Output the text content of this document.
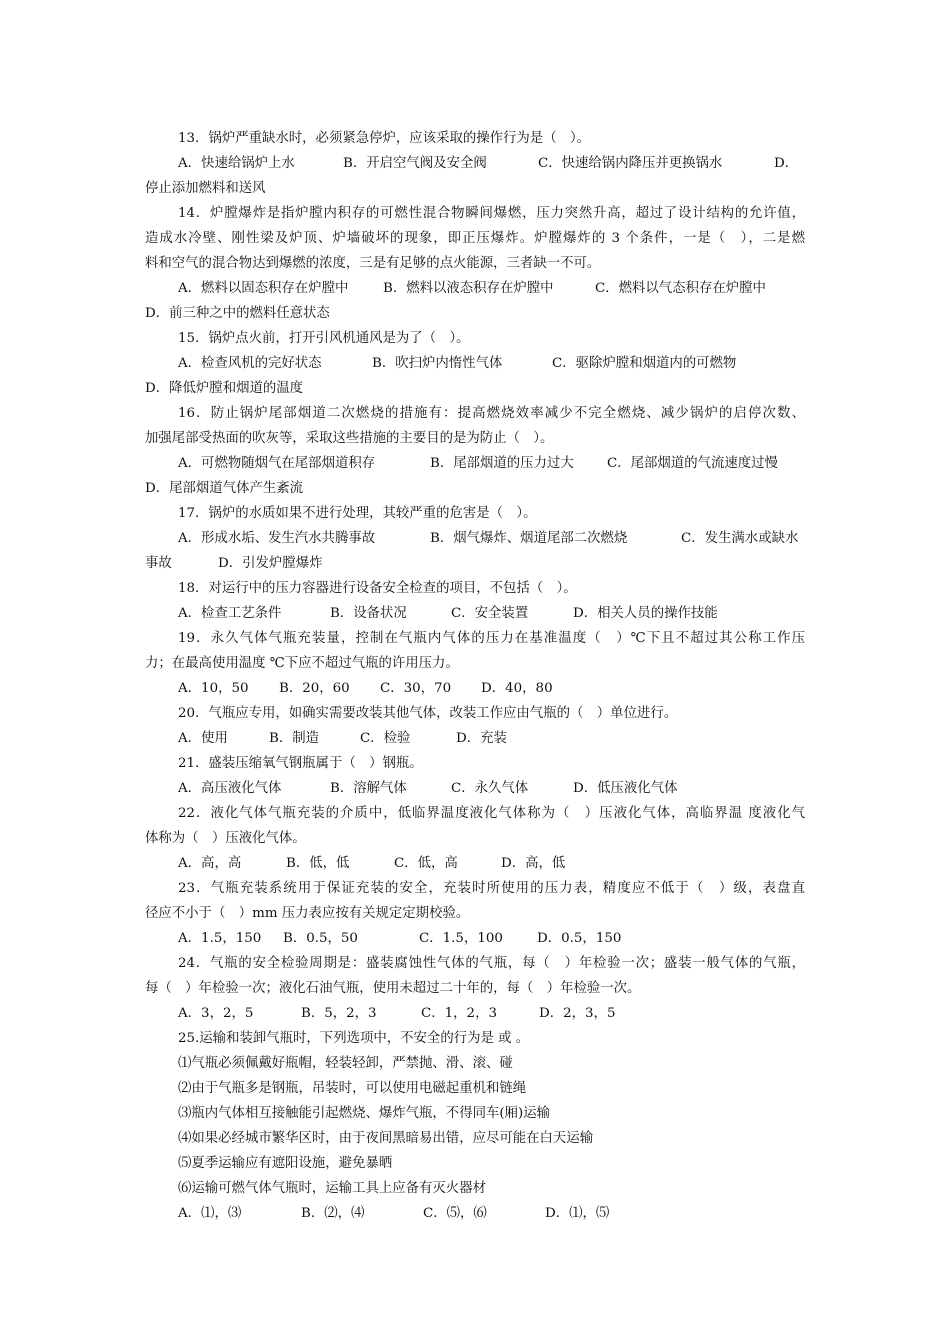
13．锅炉严重缺水时，必须紧急停炉，应该采取的操作行为是（　）。
A．快速给锅炉上水	B．开启空气阀及安全阀	C．快速给锅内降压并更换锅水	D．
停止添加燃料和送风
14．炉膛爆炸是指炉膛内积存的可燃性混合物瞬间爆燃，压力突然升高，超过了设计结构的允许值，
造成水冷壁、刚性梁及炉顶、炉墙破坏的现象，即正压爆炸。炉膛爆炸的 3 个条件，一是（　），二是燃
料和空气的混合物达到爆燃的浓度，三是有足够的点火能源，三者缺一不可。
A．燃料以固态积存在炉膛中	B．燃料以液态积存在炉膛中	C．燃料以气态积存在炉膛中
D．前三种之中的燃料任意状态
15．锅炉点火前，打开引风机通风是为了（　）。
A．检查风机的完好状态	B．吹扫炉内惰性气体	C．驱除炉膛和烟道内的可燃物
D．降低炉膛和烟道的温度
16．防止锅炉尾部烟道二次燃烧的措施有：提高燃烧效率减少不完全燃烧、减少锅炉的启停次数、
加强尾部受热面的吹灰等，采取这些措施的主要目的是为防止（　）。
A．可燃物随烟气在尾部烟道积存	B．尾部烟道的压力过大 C．尾部烟道的气流速度过慢
D．尾部烟道气体产生紊流
17．锅炉的水质如果不进行处理，其较严重的危害是（　）。
A．形成水垢、发生汽水共腾事故	B．烟气爆炸、烟道尾部二次燃烧	C．发生满水或缺水
事故	D．引发炉膛爆炸
18．对运行中的压力容器进行设备安全检查的项目，不包括（　）。
A．检查工艺条件	B．设备状况	C．安全装置	D．相关人员的操作技能
19．永久气体气瓶充装量，控制在气瓶内气体的压力在基准温度（　）℃下且不超过其公称工作压
力；在最高使用温度 ℃下应不超过气瓶的许用压力。
A．10，50 B．20，60 C．30，70 D．40，80
20．气瓶应专用，如确实需要改装其他气体，改装工作应由气瓶的（　）单位进行。
A．使用	B．制造	C．检验	D．充装
21．盛装压缩氧气钢瓶属于（　）钢瓶。
A．高压液化气体	B．溶解气体	C．永久气体	D．低压液化气体
22．液化气体气瓶充装的介质中，低临界温度液化气体称为（　）压液化气体，高临界温 度液化气
体称为（　）压液化气体。
A．高，高	B．低，低	C．低，高	D．高，低
23．气瓶充装系统用于保证充装的安全，充装时所使用的压力表，精度应不低于（　）级，表盘直
径应不小于（　）mm 压力表应按有关规定定期校验。
A．1.5，150 B．0.5，50	C．1.5，100	D．0.5，150
24．气瓶的安全检验周期是：盛装腐蚀性气体的气瓶，每（　）年检验一次；盛装一般气体的气瓶，
每（　）年检验一次；液化石油气瓶，使用未超过二十年的，每（　）年检验一次。
A．3，2，5	B．5，2，3	C．1，2，3	D．2，3，5
25.运输和装卸气瓶时，下列选项中，不安全的行为是 或 。
⑴气瓶必须佩戴好瓶帽，轻装轻卸，严禁抛、滑、滚、碰
⑵由于气瓶多是钢瓶，吊装时，可以使用电磁起重机和链绳
⑶瓶内气体相互接触能引起燃烧、爆炸气瓶，不得同车(厢)运输
⑷如果必经城市繁华区时，由于夜间黑暗易出错，应尽可能在白天运输
⑸夏季运输应有遮阳设施，避免暴晒
⑹运输可燃气体气瓶时，运输工具上应备有灭火器材
A．⑴，⑶	B．⑵，⑷	C．⑸，⑹	D．⑴，⑸
